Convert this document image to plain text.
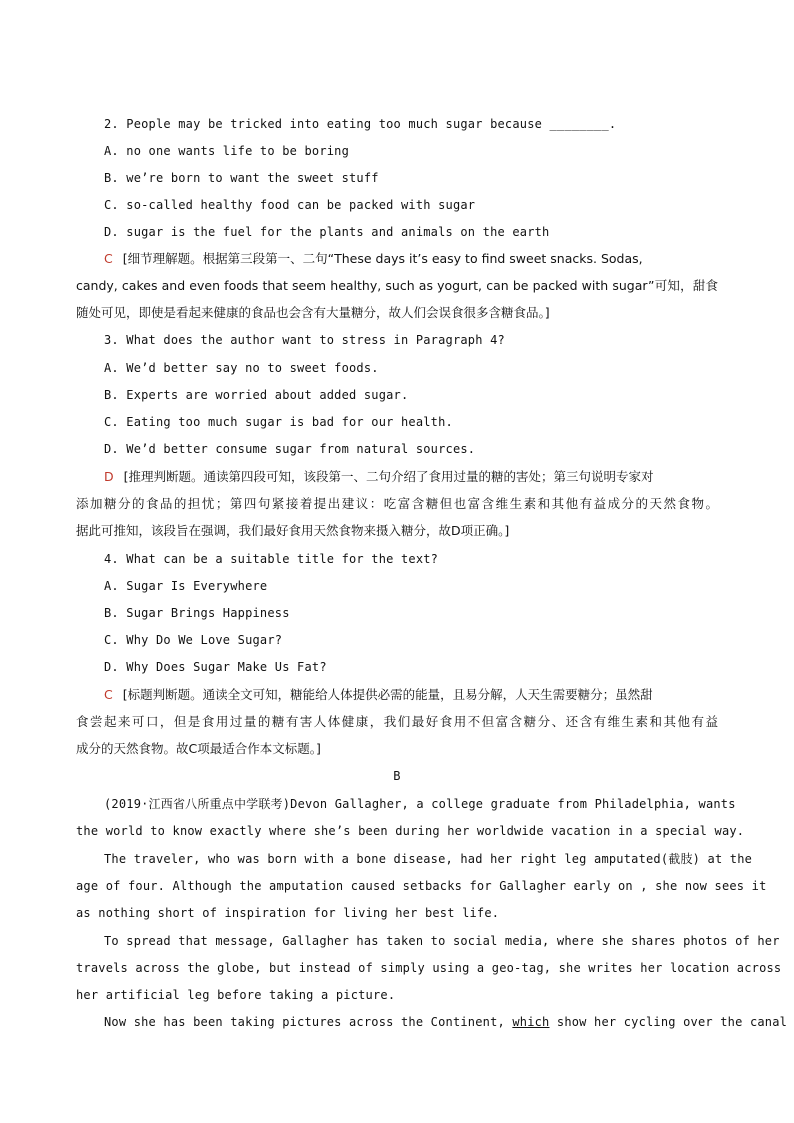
2. People may be tricked into eating too much sugar because ________.
A. no one wants life to be boring
B. we’re born to want the sweet stuff
C. so-called healthy food can be packed with sugar
D. sugar is the fuel for the plants and animals on the earth
C [细节理解题。根据第三段第一、二句“These days it’s easy to find sweet snacks. Sodas,
candy, cakes and even foods that seem healthy, such as yogurt, can be packed with sugar”可知，甜食
随处可见，即使是看起来健康的食品也会含有大量糖分，故人们会误食很多含糖食品。]
3. What does the author want to stress in Paragraph 4?
A. We’d better say no to sweet foods.
B. Experts are worried about added sugar.
C. Eating too much sugar is bad for our health.
D. We’d better consume sugar from natural sources.
D [推理判断题。通读第四段可知，该段第一、二句介绍了食用过量的糖的害处；第三句说明专家对
添加糖分的食品的担忧；第四句紧接着提出建议：吃富含糖但也富含维生素和其他有益成分的天然食物。
据此可推知，该段旨在强调，我们最好食用天然食物来摄入糖分，故D项正确。]
4. What can be a suitable title for the text?
A. Sugar Is Everywhere
B. Sugar Brings Happiness
C. Why Do We Love Sugar?
D. Why Does Sugar Make Us Fat?
C [标题判断题。通读全文可知，糖能给人体提供必需的能量，且易分解，人天生需要糖分；虽然甜
食尝起来可口，但是食用过量的糖有害人体健康，我们最好食用不但富含糖分、还含有维生素和其他有益
成分的天然食物。故C项最适合作本文标题。]
B
(2019·江西省八所重点中学联考)Devon Gallagher, a college graduate from Philadelphia, wants
the world to know exactly where she’s been during her worldwide vacation in a special way.
The traveler, who was born with a bone disease, had her right leg amputated(截肢) at the
age of four. Although the amputation caused setbacks for Gallagher early on , she now sees it
as nothing short of inspiration for living her best life.
To spread that message, Gallagher has taken to social media, where she shares photos of her
travels across the globe, but instead of simply using a geo-tag, she writes her location across
her artificial leg before taking a picture.
Now she has been taking pictures across the Continent, which show her cycling over the canal
